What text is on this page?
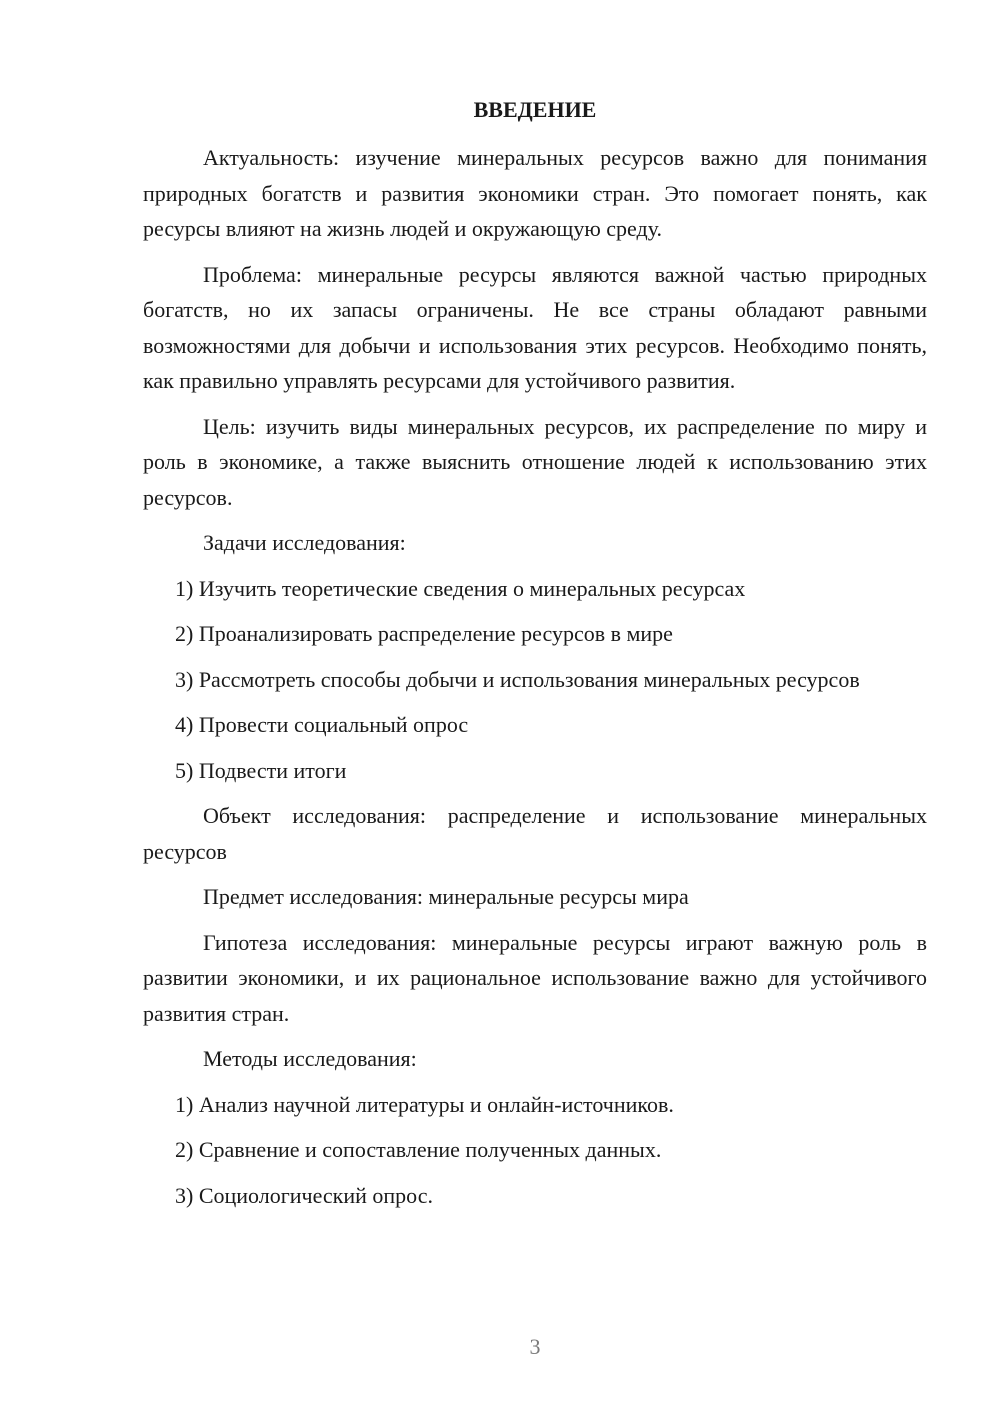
ВВЕДЕНИЕ

Актуальность: изучение минеральных ресурсов важно для понимания природных богатств и развития экономики стран. Это помогает понять, как ресурсы влияют на жизнь людей и окружающую среду.

Проблема: минеральные ресурсы являются важной частью природных богатств, но их запасы ограничены. Не все страны обладают равными возможностями для добычи и использования этих ресурсов. Необходимо понять, как правильно управлять ресурсами для устойчивого развития.

Цель: изучить виды минеральных ресурсов, их распределение по миру и роль в экономике, а также выяснить отношение людей к использованию этих ресурсов.

Задачи исследования:

1) Изучить теоретические сведения о минеральных ресурсах

2) Проанализировать распределение ресурсов в мире

3) Рассмотреть способы добычи и использования минеральных ресурсов

4) Провести социальный опрос

5) Подвести итоги

Объект исследования: распределение и использование минеральных ресурсов

Предмет исследования: минеральные ресурсы мира

Гипотеза исследования: минеральные ресурсы играют важную роль в развитии экономики, и их рациональное использование важно для устойчивого развития стран.

Методы исследования:

1) Анализ научной литературы и онлайн-источников.

2) Сравнение и сопоставление полученных данных.

3) Социологический опрос.

3
